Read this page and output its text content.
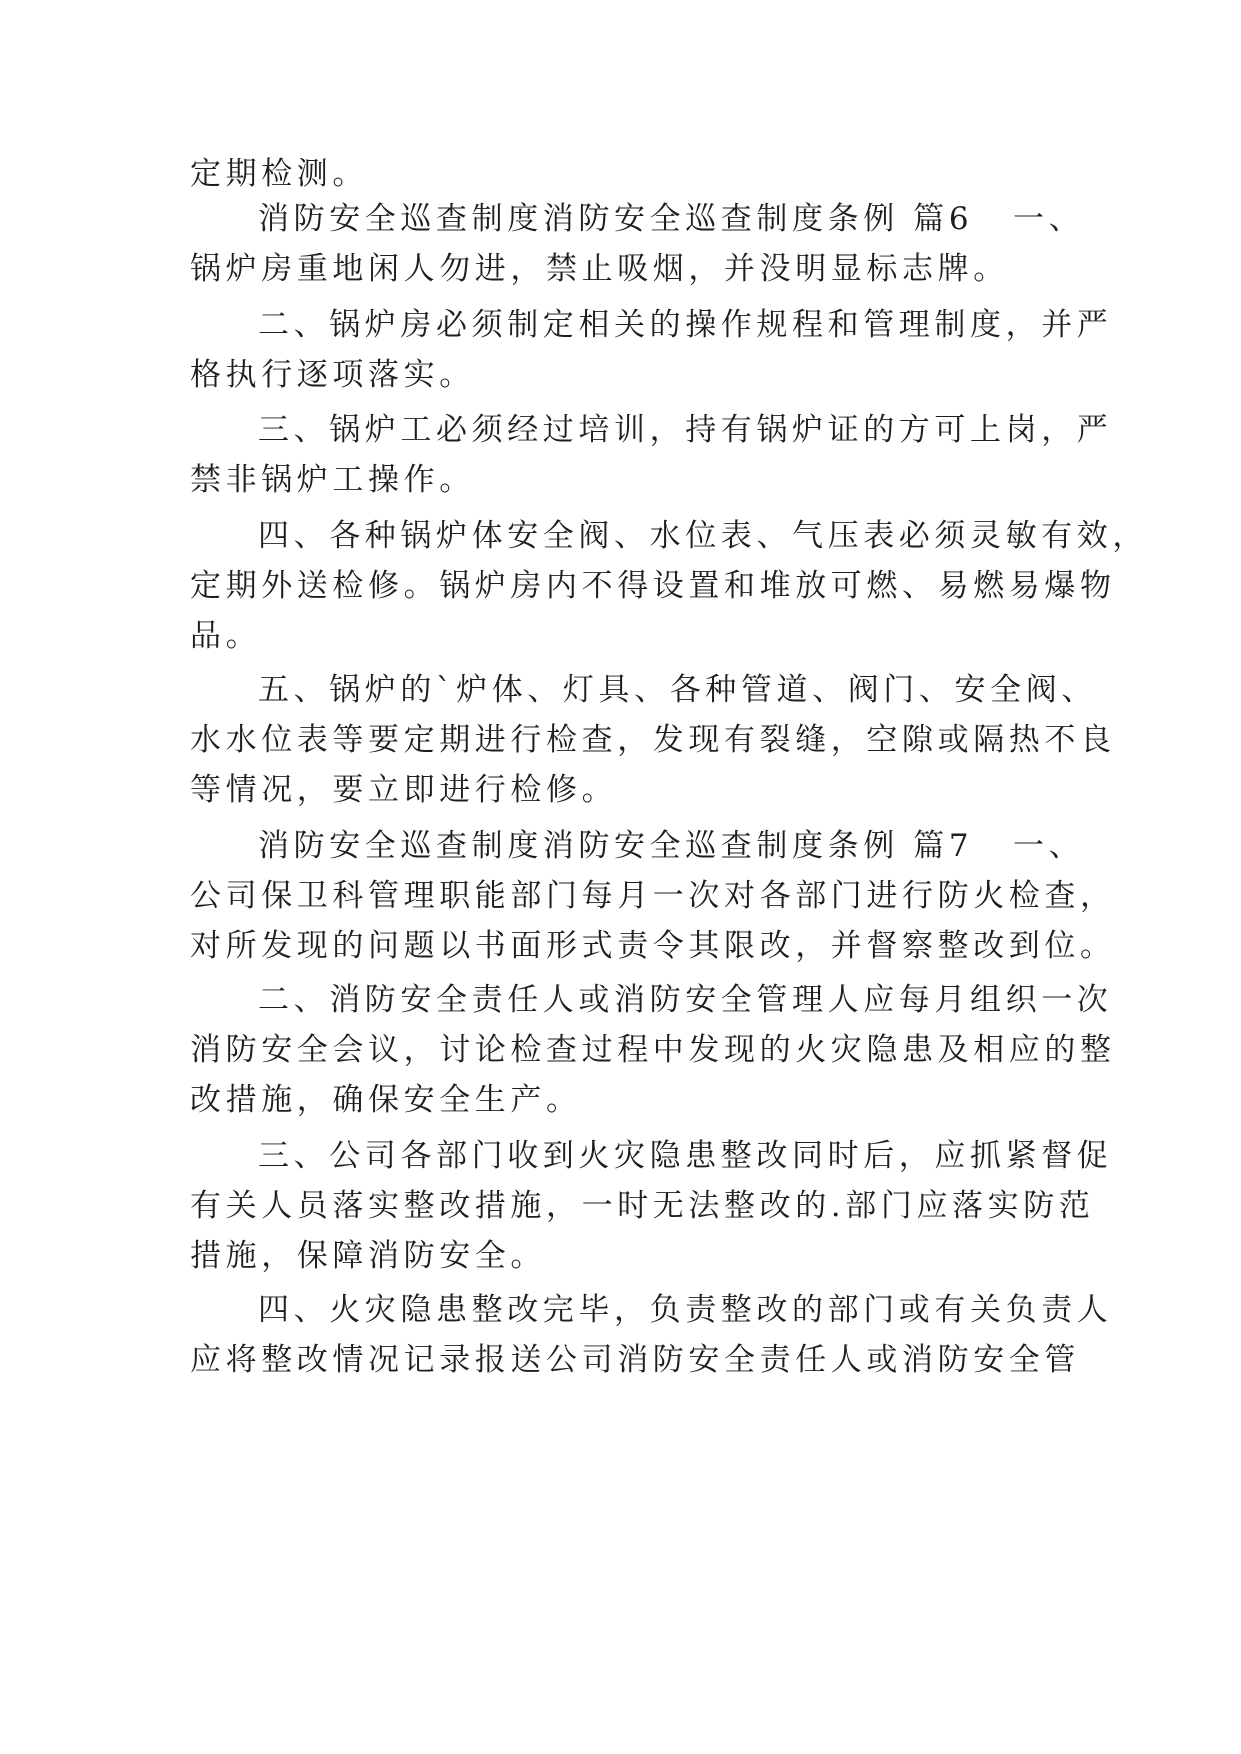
定期检测。
消防安全巡查制度消防安全巡查制度条例 篇6 一、
锅炉房重地闲人勿进，禁止吸烟，并没明显标志牌。
二、锅炉房必须制定相关的操作规程和管理制度，并严
格执行逐项落实。
三、锅炉工必须经过培训，持有锅炉证的方可上岗，严
禁非锅炉工操作。
四、各种锅炉体安全阀、水位表、气压表必须灵敏有效，
定期外送检修。锅炉房内不得设置和堆放可燃、易燃易爆物
品。
五、锅炉的`炉体、灯具、各种管道、阀门、安全阀、
水水位表等要定期进行检查，发现有裂缝，空隙或隔热不良
等情况，要立即进行检修。
消防安全巡查制度消防安全巡查制度条例 篇7 一、
公司保卫科管理职能部门每月一次对各部门进行防火检查，
对所发现的问题以书面形式责令其限改，并督察整改到位。
二、消防安全责任人或消防安全管理人应每月组织一次
消防安全会议，讨论检查过程中发现的火灾隐患及相应的整
改措施，确保安全生产。
三、公司各部门收到火灾隐患整改同时后，应抓紧督促
有关人员落实整改措施，一时无法整改的.部门应落实防范
措施，保障消防安全。
四、火灾隐患整改完毕，负责整改的部门或有关负责人
应将整改情况记录报送公司消防安全责任人或消防安全管
